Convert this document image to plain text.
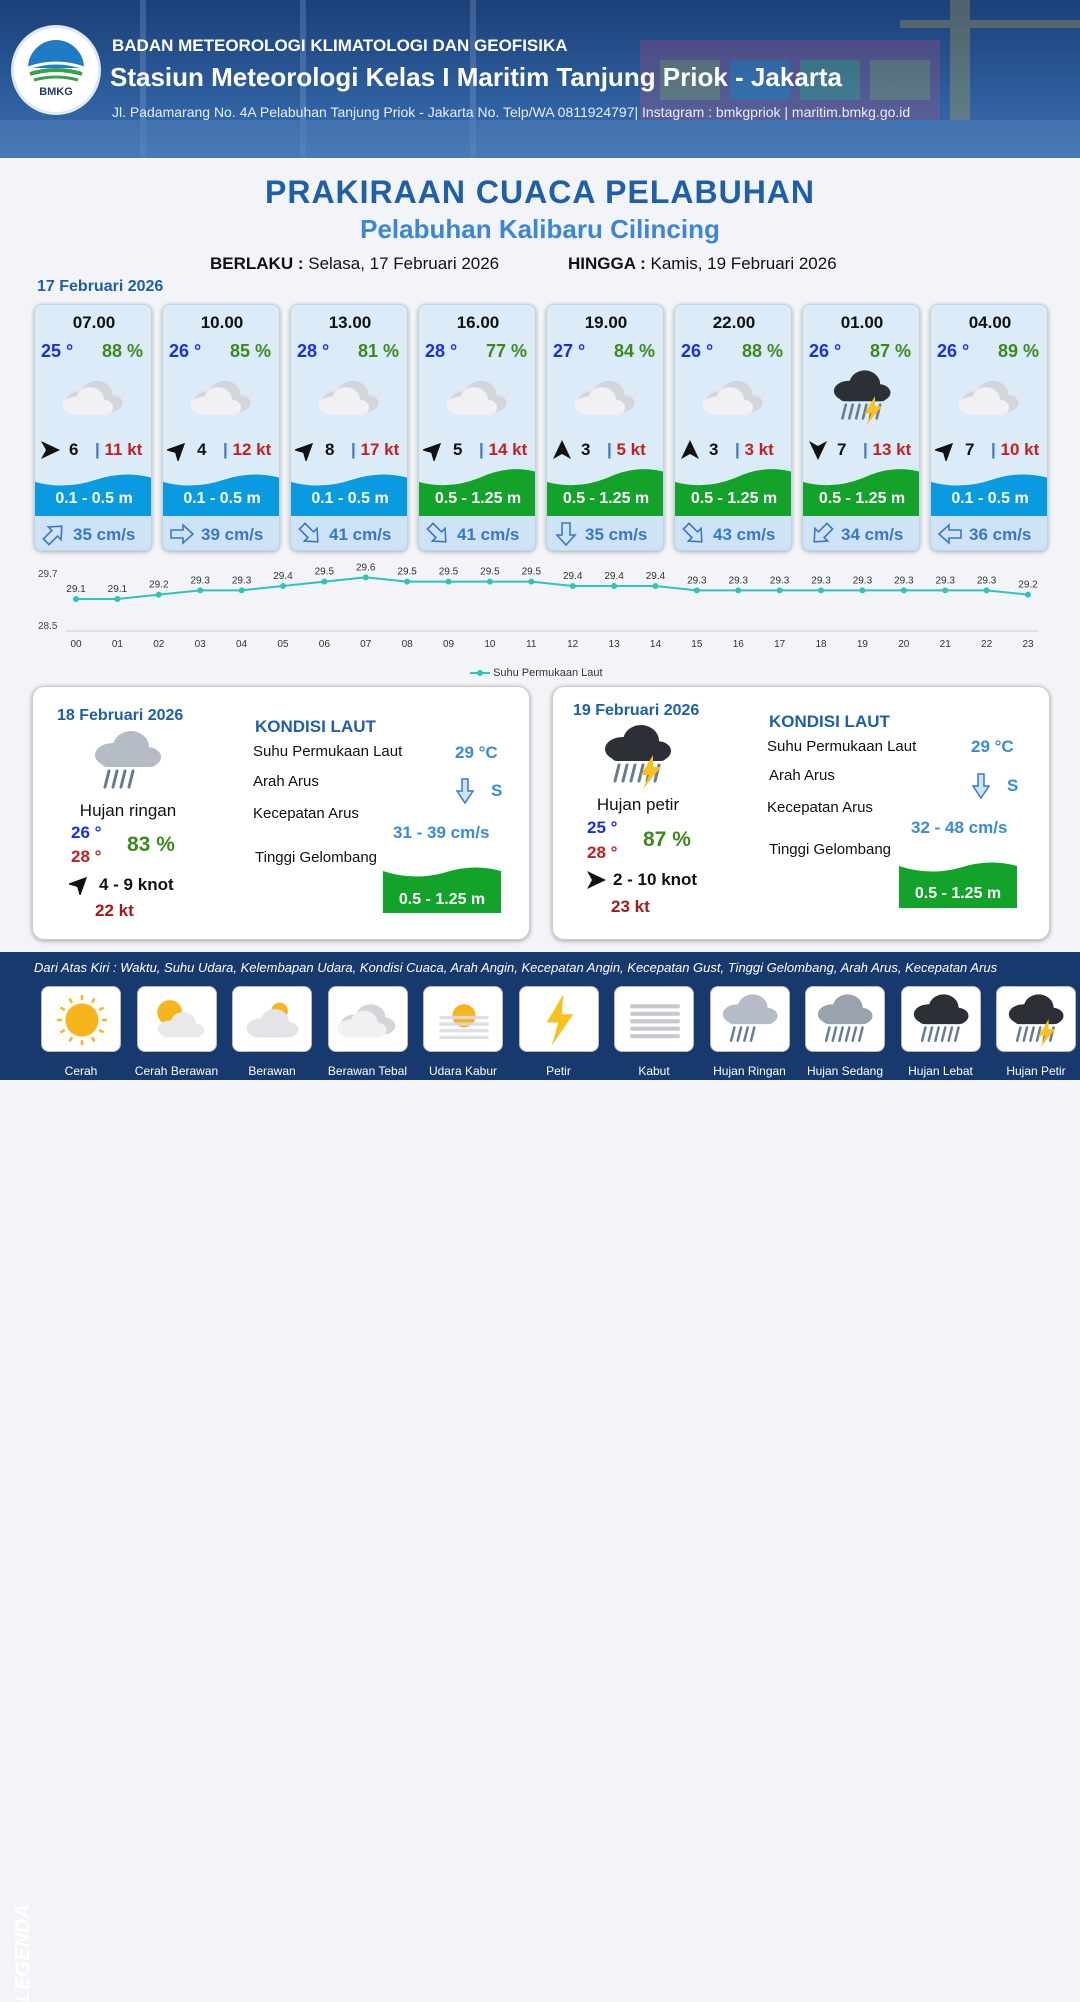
BMKG
BADAN METEOROLOGI KLIMATOLOGI DAN GEOFISIKA
Stasiun Meteorologi Kelas I Maritim Tanjung Priok - Jakarta
Jl. Padamarang No. 4A Pelabuhan Tanjung Priok - Jakarta No. Telp/WA 0811924797| Instagram : bmkgpriok | maritim.bmkg.go.id
PRAKIRAAN CUACA PELABUHAN
Pelabuhan Kalibaru Cilincing
BERLAKU : Selasa, 17 Februari 2026	HINGGA : Kamis, 19 Februari 2026
17 Februari 2026
07.00
25 ° 88 %
6 | 11 kt
0.1 - 0.5 m
35 cm/s
10.00
26 ° 85 %
4 | 12 kt
0.1 - 0.5 m
39 cm/s
13.00
28 ° 81 %
8 | 17 kt
0.1 - 0.5 m
41 cm/s
16.00
28 ° 77 %
5 | 14 kt
0.5 - 1.25 m
41 cm/s
19.00
27 ° 84 %
3 | 5 kt
0.5 - 1.25 m
35 cm/s
22.00
26 ° 88 %
3 | 3 kt
0.5 - 1.25 m
43 cm/s
01.00
26 ° 87 %
7 | 13 kt
0.5 - 1.25 m
34 cm/s
04.00
26 ° 89 %
7 | 10 kt
0.1 - 0.5 m
36 cm/s
29.7
28.5
29.1
00
29.1
01
29.2
02
29.3
03
29.3
04
29.4
05
29.5
06
29.6
07
29.5
08
29.5
09
29.5
10
29.5
11
29.4
12
29.4
13
29.4
14
29.3
15
29.3
16
29.3
17
29.3
18
29.3
19
29.3
20
29.3
21
29.3
22
29.2
23
Suhu Permukaan Laut
18 Februari 2026
Hujan ringan
26 °
28 °
83 %
4 - 9 knot
22 kt
KONDISI LAUT
Suhu Permukaan Laut	29 °C
Arah Arus	S
Kecepatan Arus
31 - 39 cm/s
Tinggi Gelombang
0.5 - 1.25 m
19 Februari 2026
Hujan petir
25 °
28 °
87 %
2 - 10 knot
23 kt
KONDISI LAUT
Suhu Permukaan Laut	29 °C
Arah Arus
S
Kecepatan Arus
32 - 48 cm/s
Tinggi Gelombang
0.5 - 1.25 m
LEGENDA
Dari Atas Kiri : Waktu, Suhu Udara, Kelembapan Udara, Kondisi Cuaca, Arah Angin, Kecepatan Angin, Kecepatan Gust, Tinggi Gelombang, Arah Arus, Kecepatan Arus
Cerah	Cerah Berawan	Berawan	Berawan Tebal	Udara Kabur	Petir	Kabut	Hujan Ringan	Hujan Sedang	Hujan Lebat	Hujan Petir
